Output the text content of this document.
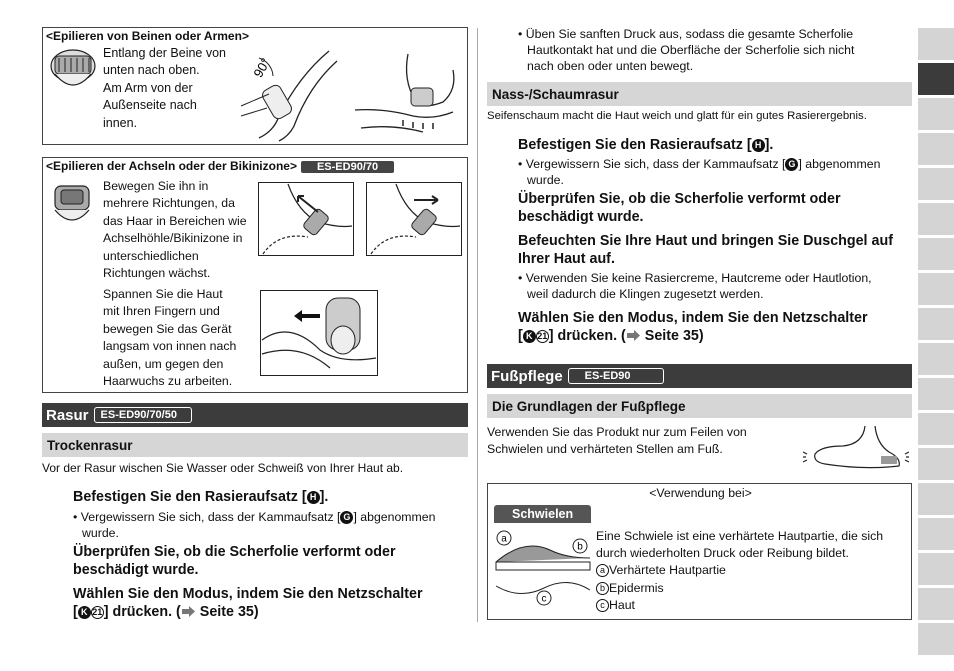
<Epilieren von Beinen oder Armen>
Entlang der Beine von
unten nach oben.
Am Arm von der
Außenseite nach
innen.
90°
<Epilieren der Achseln oder der Bikinizone> ES-ED90/70
Bewegen Sie ihn in
mehrere Richtungen, da
das Haar in Bereichen wie
Achselhöhle/Bikinizone in
unterschiedlichen
Richtungen wächst.
Spannen Sie die Haut
mit Ihren Fingern und
bewegen Sie das Gerät
langsam von innen nach
außen, um gegen den
Haarwuchs zu arbeiten.
Rasur	ES-ED90/70/50
Trockenrasur
Vor der Rasur wischen Sie Wasser oder Schweiß von Ihrer Haut ab.
Befestigen Sie den Rasieraufsatz [ H ].
• Vergewissern Sie sich, dass der Kammaufsatz [ G ] abgenommen
wurde.
Überprüfen Sie, ob die Scherfolie verformt oder
beschädigt wurde.
Wählen Sie den Modus, indem Sie den Netzschalter
[ K 21 ] drücken. ( Seite 35)
• Üben Sie sanften Druck aus, sodass die gesamte Scherfolie
Hautkontakt hat und die Oberfläche der Scherfolie sich nicht
nach oben oder unten bewegt.
Nass-/Schaumrasur
Seifenschaum macht die Haut weich und glatt für ein gutes Rasierergebnis.
Befestigen Sie den Rasieraufsatz [ H ].
• Vergewissern Sie sich, dass der Kammaufsatz [ G ] abgenommen
wurde.
Überprüfen Sie, ob die Scherfolie verformt oder
beschädigt wurde.
Befeuchten Sie Ihre Haut und bringen Sie Duschgel auf
Ihrer Haut auf.
• Verwenden Sie keine Rasiercreme, Hautcreme oder Hautlotion,
weil dadurch die Klingen zugesetzt werden.
Wählen Sie den Modus, indem Sie den Netzschalter
[ K 21 ] drücken. ( Seite 35)
Fußpflege	ES-ED90
Die Grundlagen der Fußpflege
Verwenden Sie das Produkt nur zum Feilen von
Schwielen und verhärteten Stellen am Fuß.
<Verwendung bei>
Schwielen
a
b
c
Eine Schwiele ist eine verhärtete Hautpartie, die sich
durch wiederholten Druck oder Reibung bildet.
a Verhärtete Hautpartie
b Epidermis
c Haut
